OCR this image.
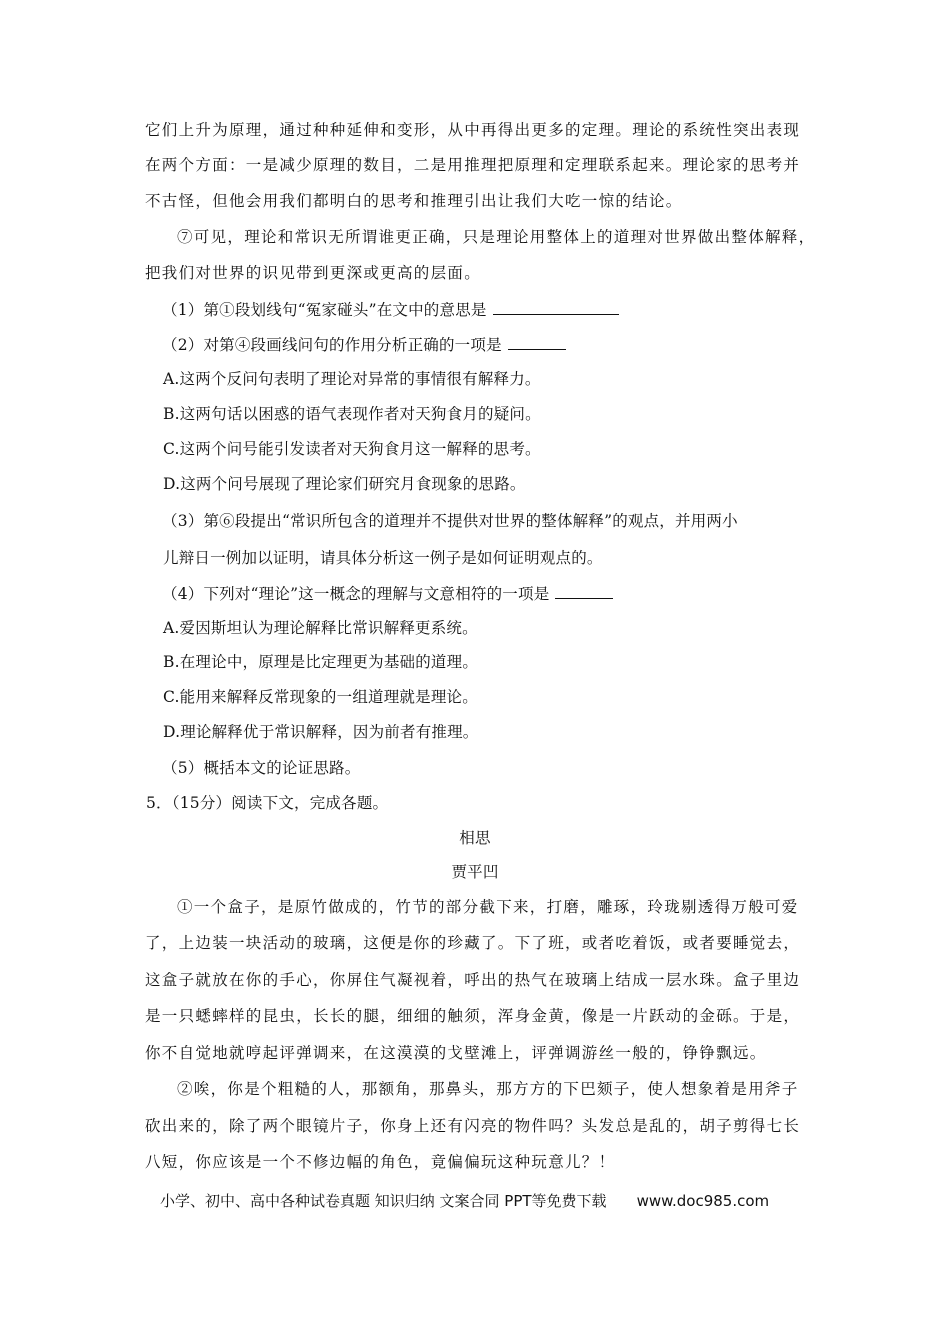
它们上升为原理，通过种种延伸和变形，从中再得出更多的定理。理论的系统性突出表现
在两个方面：一是减少原理的数目，二是用推理把原理和定理联系起来。理论家的思考并
不古怪，但他会用我们都明白的思考和推理引出让我们大吃一惊的结论。
⑦可见，理论和常识无所谓谁更正确，只是理论用整体上的道理对世界做出整体解释，
把我们对世界的识见带到更深或更高的层面。
（1）第①段划线句“冤家碰头”在文中的意思是
（2）对第④段画线问句的作用分析正确的一项是
A.这两个反问句表明了理论对异常的事情很有解释力。
B.这两句话以困惑的语气表现作者对天狗食月的疑问。
C.这两个问号能引发读者对天狗食月这一解释的思考。
D.这两个问号展现了理论家们研究月食现象的思路。
（3）第⑥段提出“常识所包含的道理并不提供对世界的整体解释”的观点，并用两小
儿辩日一例加以证明，请具体分析这一例子是如何证明观点的。
（4）下列对“理论”这一概念的理解与文意相符的一项是
A.爱因斯坦认为理论解释比常识解释更系统。
B.在理论中，原理是比定理更为基础的道理。
C.能用来解释反常现象的一组道理就是理论。
D.理论解释优于常识解释，因为前者有推理。
（5）概括本文的论证思路。
5．（15分）阅读下文，完成各题。
相思
贾平凹
①一个盒子，是原竹做成的，竹节的部分截下来，打磨，雕琢，玲珑剔透得万般可爱
了，上边装一块活动的玻璃，这便是你的珍藏了。下了班，或者吃着饭，或者要睡觉去，
这盒子就放在你的手心，你屏住气凝视着，呼出的热气在玻璃上结成一层水珠。盒子里边
是一只蟋蟀样的昆虫，长长的腿，细细的触须，浑身金黄，像是一片跃动的金砾。于是，
你不自觉地就哼起评弹调来，在这漠漠的戈壁滩上，评弹调游丝一般的，铮铮飘远。
②唉，你是个粗糙的人，那额角，那鼻头，那方方的下巴颏子，使人想象着是用斧子
砍出来的，除了两个眼镜片子，你身上还有闪亮的物件吗？头发总是乱的，胡子剪得七长
八短，你应该是一个不修边幅的角色，竟偏偏玩这种玩意儿？！
小学、初中、高中各种试卷真题 知识归纳 文案合同 PPT等免费下载 www.doc985.com
